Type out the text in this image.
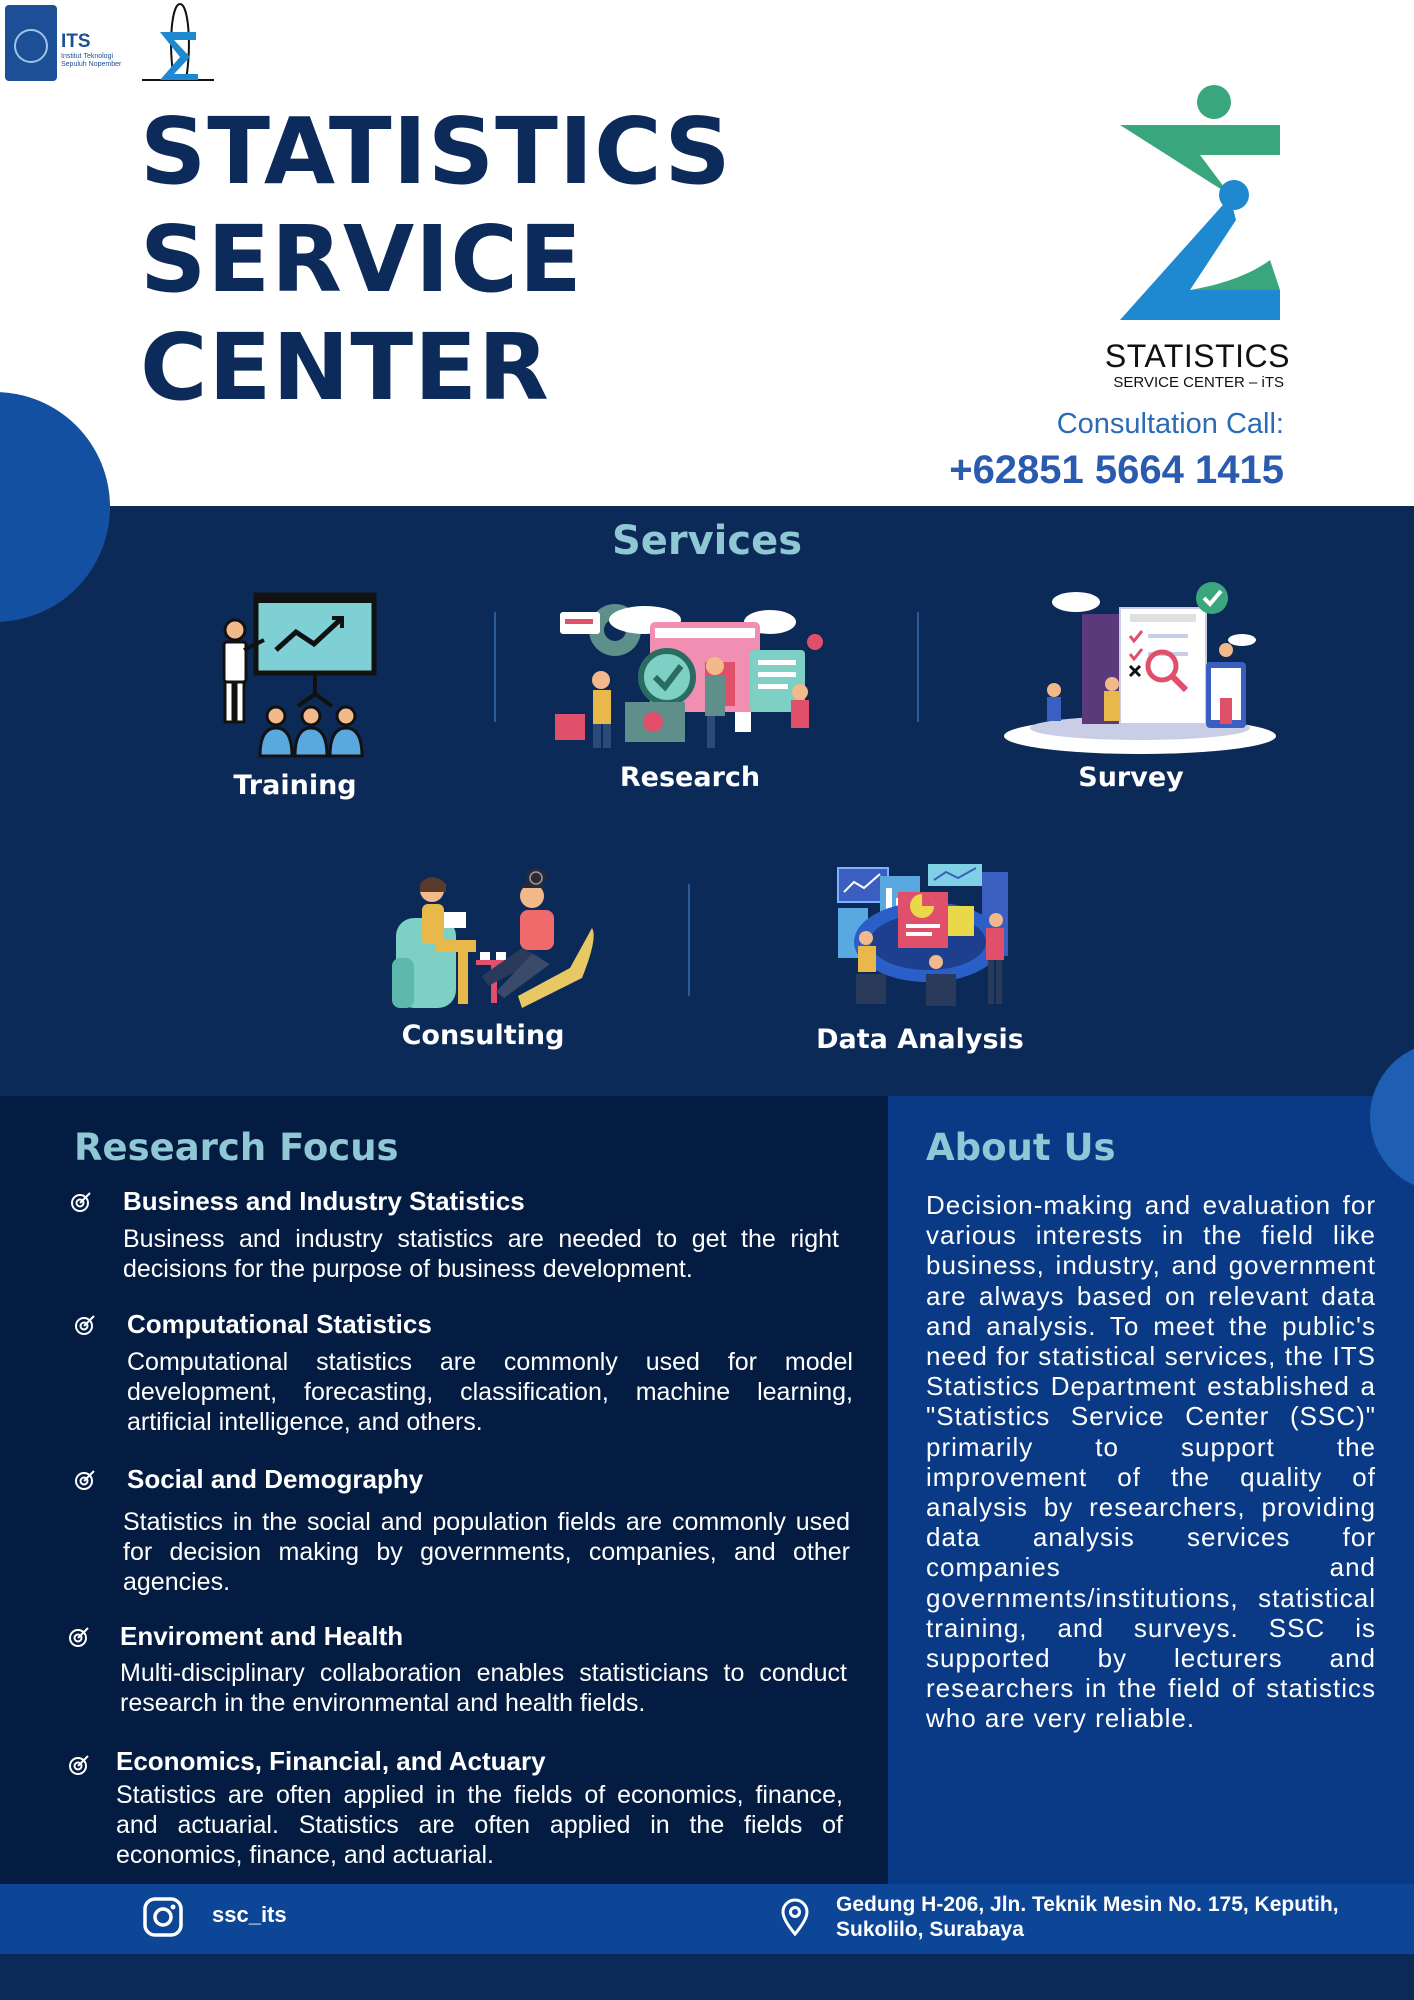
ITS
Institut Teknologi Sepuluh Nopember
STATISTICS
SERVICE
CENTER	STATISTICS
SERVICE CENTER – iTS
Consultation Call:
+62851 5664 1415
Services
Training	Research	Survey
Consulting	Data Analysis
Research Focus
Business and Industry Statistics
Business and industry statistics are needed to get the right decisions for the purpose of business development.
Computational Statistics
Computational statistics are commonly used for model development, forecasting, classification, machine learning, artificial intelligence, and others.
Social and Demography
Statistics in the social and population fields are commonly used for decision making by governments, companies, and other agencies.
Enviroment and Health
Multi-disciplinary collaboration enables statisticians to conduct research in the environmental and health fields.
Economics, Financial, and Actuary
Statistics are often applied in the fields of economics, finance, and actuarial. Statistics are often applied in the fields of economics, finance, and actuarial.
About Us
Decision-making and evaluation for various interests in the field like business, industry, and government are always based on relevant data and analysis. To meet the public's need for statistical services, the ITS Statistics Department established a "Statistics Service Center (SSC)" primarily to support the improvement of the quality of analysis by researchers, providing data analysis services for companies and governments/institutions, statistical training, and surveys. SSC is supported by lecturers and researchers in the field of statistics who are very reliable.
ssc_its	Gedung H-206, Jln. Teknik Mesin No. 175, Keputih, Sukolilo, Surabaya
